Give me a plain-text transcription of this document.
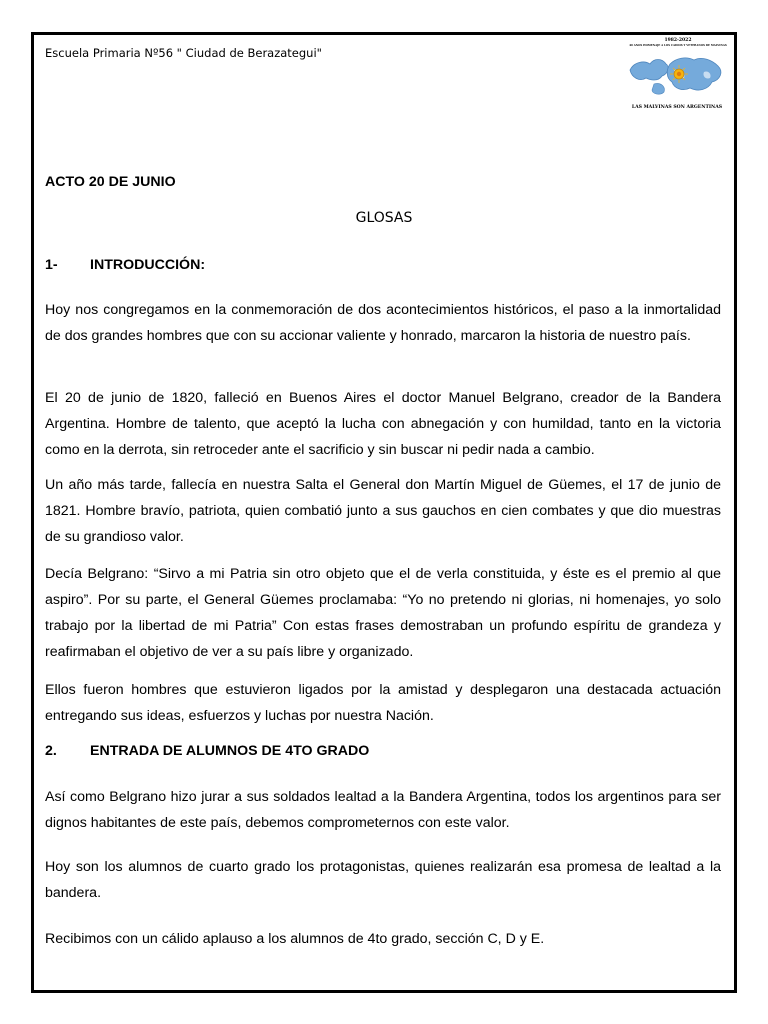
Escuela Primaria Nº56 " Ciudad de Berazategui"
1982-2022
40 AÑOS HOMENAJE A LOS CAÍDOS Y VETERANOS DE MALVINAS
LAS MALVINAS SON ARGENTINAS
ACTO 20 DE JUNIO
GLOSAS
1- INTRODUCCIÓN:
Hoy nos congregamos en la conmemoración de dos acontecimientos históricos, el paso a la inmortalidad de dos grandes hombres que con su accionar valiente y honrado, marcaron la historia de nuestro país.
El 20 de junio de 1820, falleció en Buenos Aires el doctor Manuel Belgrano, creador de la Bandera Argentina. Hombre de talento, que aceptó la lucha con abnegación y con humildad, tanto en la victoria como en la derrota, sin retroceder ante el sacrificio y sin buscar ni pedir nada a cambio.
Un año más tarde, fallecía en nuestra Salta el General don Martín Miguel de Güemes, el 17 de junio de 1821. Hombre bravío, patriota, quien combatió junto a sus gauchos en cien combates y que dio muestras de su grandioso valor.
Decía Belgrano: “Sirvo a mi Patria sin otro objeto que el de verla constituida, y éste es el premio al que aspiro”. Por su parte, el General Güemes proclamaba: “Yo no pretendo ni glorias, ni homenajes, yo solo trabajo por la libertad de mi Patria” Con estas frases demostraban un profundo espíritu de grandeza y reafirmaban el objetivo de ver a su país libre y organizado.
Ellos fueron hombres que estuvieron ligados por la amistad y desplegaron una destacada actuación entregando sus ideas, esfuerzos y luchas por nuestra Nación.
2. ENTRADA DE ALUMNOS DE 4TO GRADO
Así como Belgrano hizo jurar a sus soldados lealtad a la Bandera Argentina, todos los argentinos para ser dignos habitantes de este país, debemos comprometernos con este valor.
Hoy son los alumnos de cuarto grado los protagonistas, quienes realizarán esa promesa de lealtad a la bandera.
Recibimos con un cálido aplauso a los alumnos de 4to grado, sección C, D y E.
